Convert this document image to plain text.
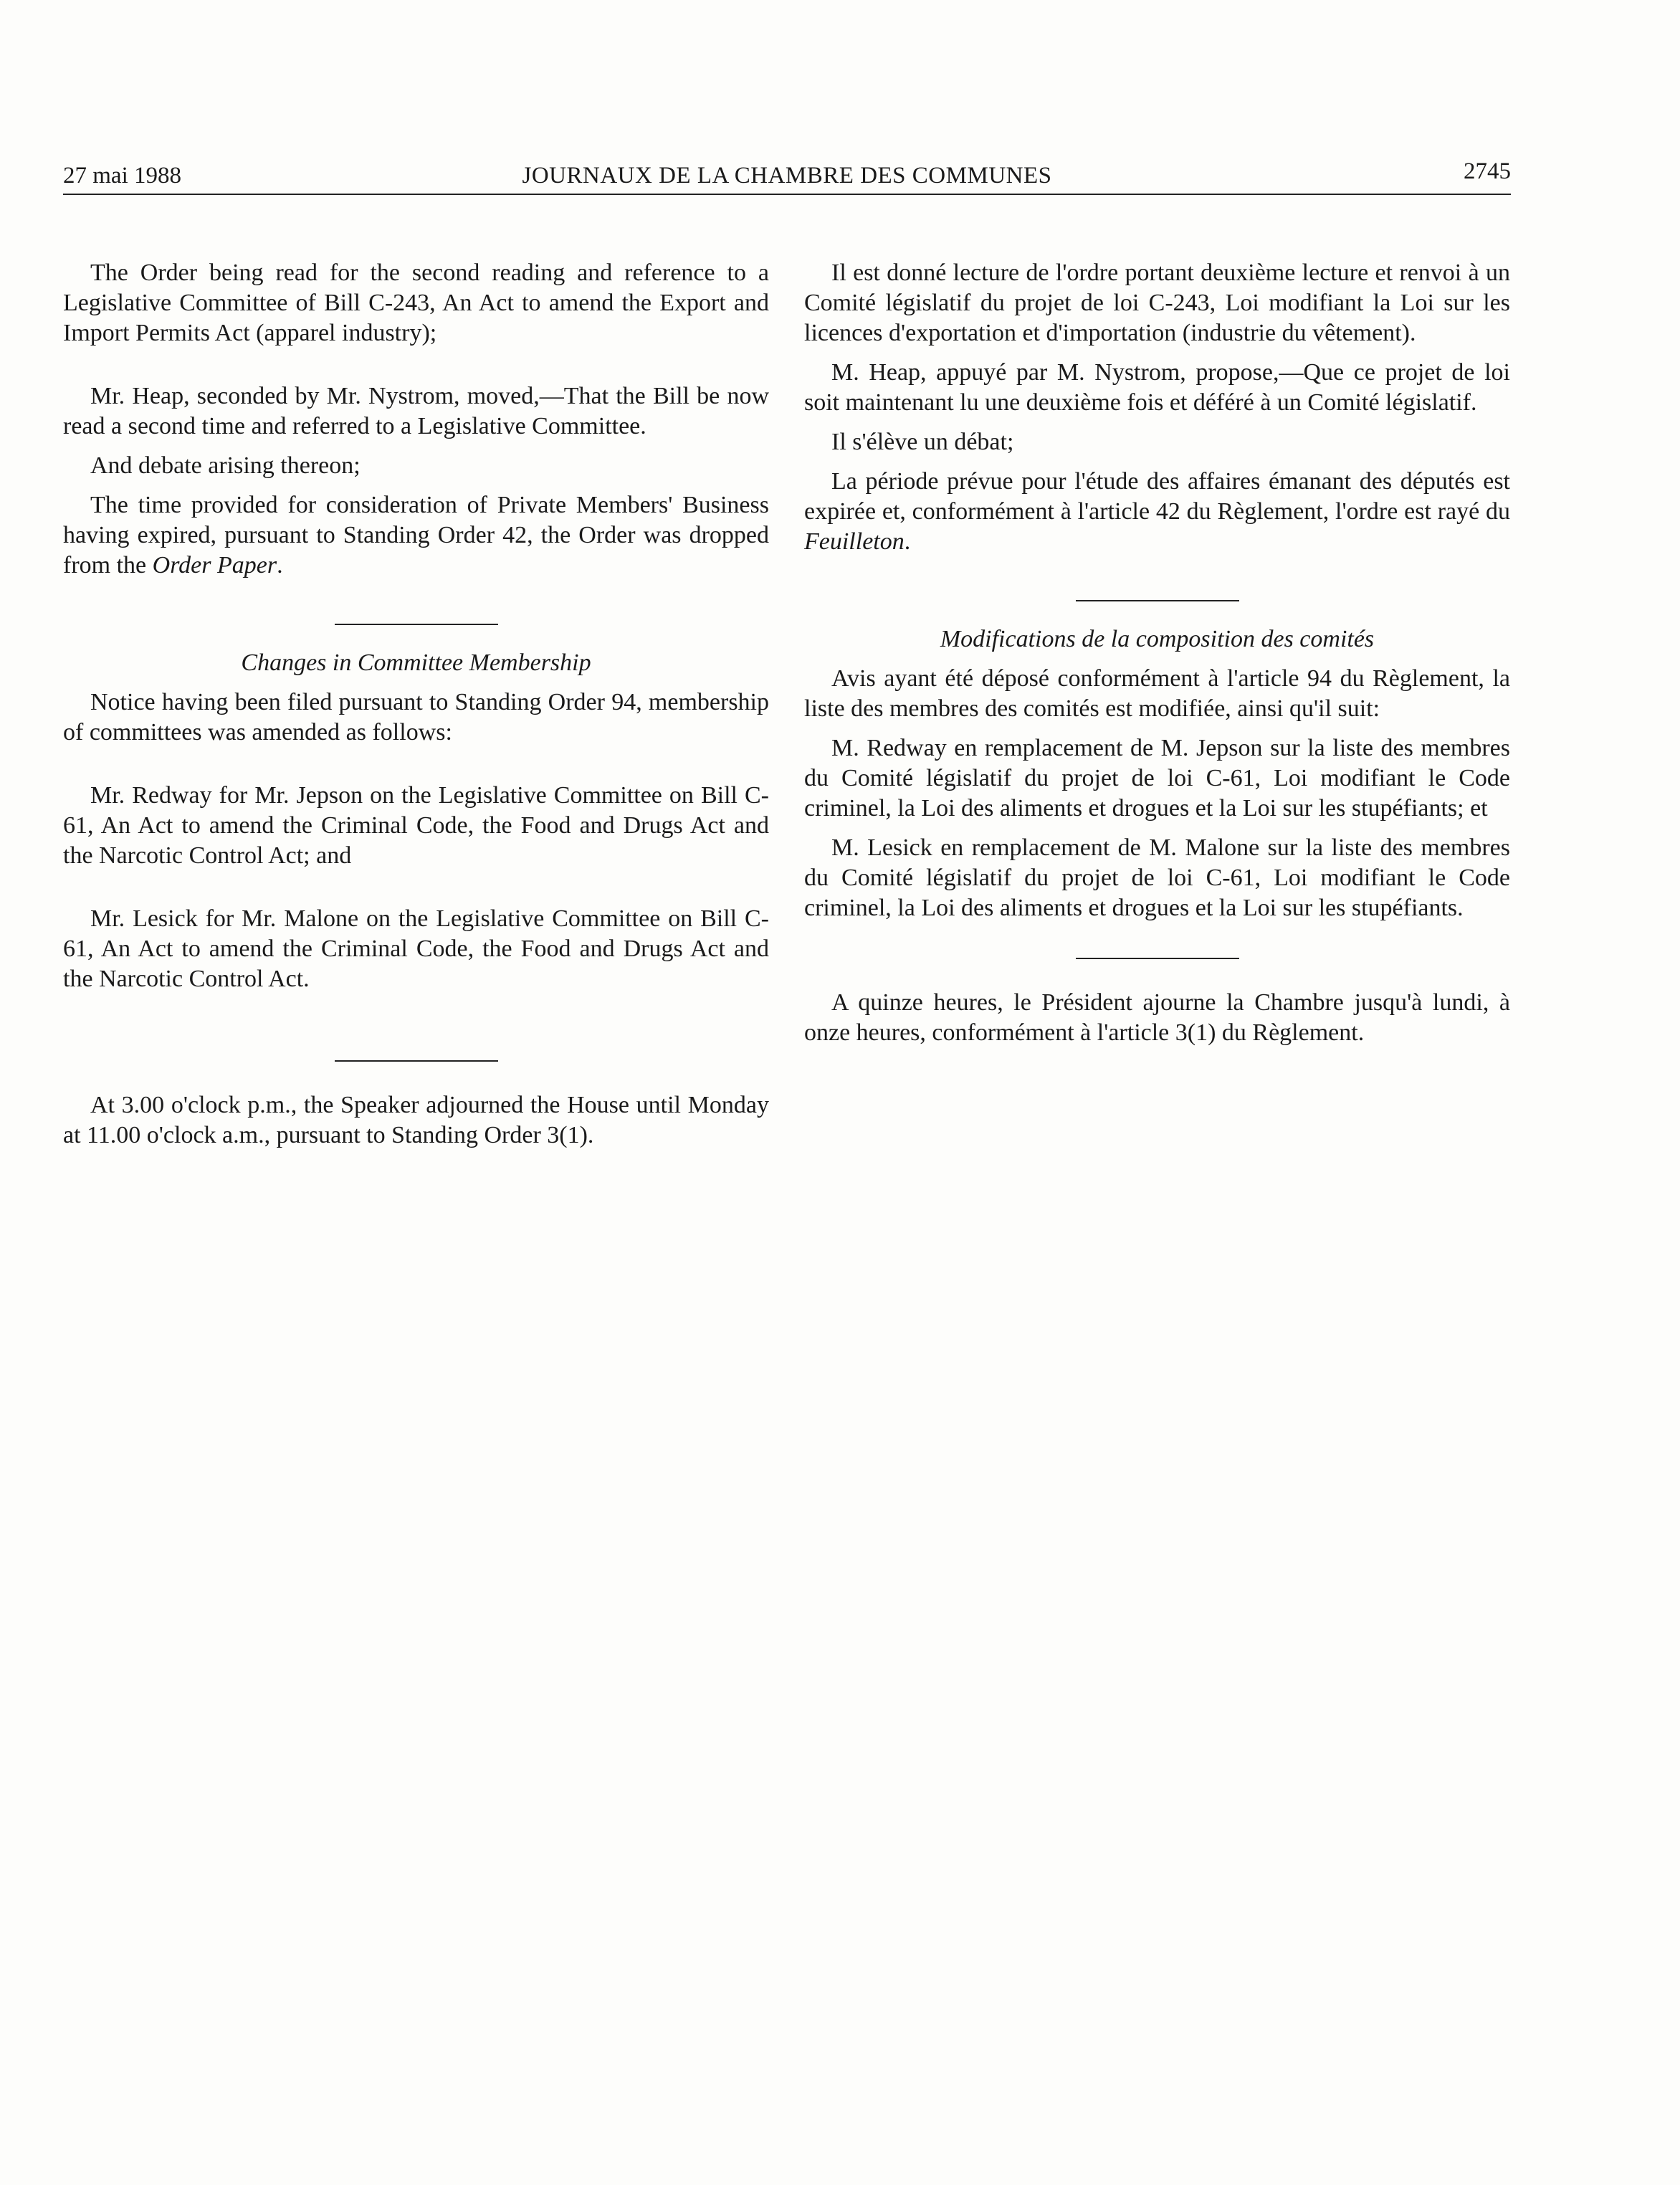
27 mai 1988	JOURNAUX DE LA CHAMBRE DES COMMUNES	2745

The Order being read for the second reading and reference to a Legislative Committee of Bill C-243, An Act to amend the Export and Import Permits Act (apparel industry);

Mr. Heap, seconded by Mr. Nystrom, moved,—That the Bill be now read a second time and referred to a Legislative Committee.

And debate arising thereon;

The time provided for consideration of Private Members' Business having expired, pursuant to Standing Order 42, the Order was dropped from the Order Paper.

Changes in Committee Membership

Notice having been filed pursuant to Standing Order 94, membership of committees was amended as follows:

Mr. Redway for Mr. Jepson on the Legislative Committee on Bill C-61, An Act to amend the Criminal Code, the Food and Drugs Act and the Narcotic Control Act; and

Mr. Lesick for Mr. Malone on the Legislative Committee on Bill C-61, An Act to amend the Criminal Code, the Food and Drugs Act and the Narcotic Control Act.

At 3.00 o'clock p.m., the Speaker adjourned the House until Monday at 11.00 o'clock a.m., pursuant to Standing Order 3(1).

Il est donné lecture de l'ordre portant deuxième lecture et renvoi à un Comité législatif du projet de loi C-243, Loi modifiant la Loi sur les licences d'exportation et d'importation (industrie du vêtement).

M. Heap, appuyé par M. Nystrom, propose,—Que ce projet de loi soit maintenant lu une deuxième fois et déféré à un Comité législatif.

Il s'élève un débat;

La période prévue pour l'étude des affaires émanant des députés est expirée et, conformément à l'article 42 du Règlement, l'ordre est rayé du Feuilleton.

Modifications de la composition des comités

Avis ayant été déposé conformément à l'article 94 du Règlement, la liste des membres des comités est modifiée, ainsi qu'il suit:

M. Redway en remplacement de M. Jepson sur la liste des membres du Comité législatif du projet de loi C-61, Loi modifiant le Code criminel, la Loi des aliments et drogues et la Loi sur les stupéfiants; et

M. Lesick en remplacement de M. Malone sur la liste des membres du Comité législatif du projet de loi C-61, Loi modifiant le Code criminel, la Loi des aliments et drogues et la Loi sur les stupéfiants.

A quinze heures, le Président ajourne la Chambre jusqu'à lundi, à onze heures, conformément à l'article 3(1) du Règlement.
